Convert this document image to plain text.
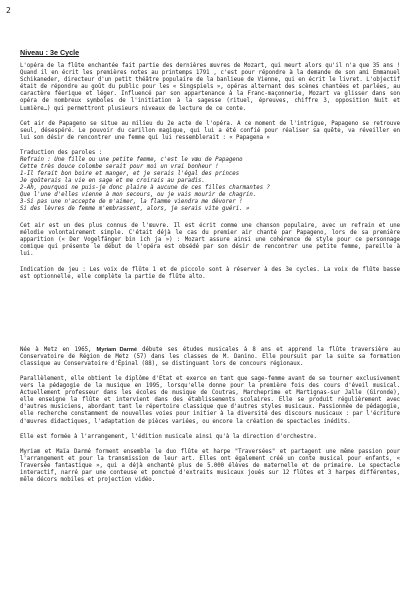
2
Niveau : 3e Cycle

L'opéra de la flûte enchantée fait partie des dernières œuvres de Mozart, qui meurt alors qu'il n'a que 35 ans ! Quand il en écrit les premières notes au printemps 1791 , c'est pour répondre à la demande de son ami Emmanuel Schikaneder, directeur d'un petit théâtre populaire de la banlieue de Vienne, qui en écrit le livret. L'objectif était de répondre au goût du public pour les « Singspiels », opéras alternant des scènes chantées et parlées, au caractère féerique et léger. Influencé par son appartenance à la Franc-maçonnerie, Mozart va glisser dans son opéra de nombreux symboles de l'initiation à la sagesse (rituel, épreuves, chiffre 3, opposition Nuit et Lumière…) qui permettront plusieurs niveaux de lecture de ce conte.

Cet air de Papageno se situe au milieu du 2e acte de l'opéra. A ce moment de l'intrigue, Papageno se retrouve seul, désespéré. Le pouvoir du carillon magique, qui lui a été confié pour réaliser sa quête, va réveiller en lui son désir de rencontrer une femme qui lui ressemblerait : « Papagena »

Traduction des paroles :
Refrain : Une fille ou une petite femme, c'est le vœu de Papageno
Cette très douce colombe serait pour moi un vrai bonheur !
1-Il ferait bon boire et manger, et je serais l'égal des princes
Je goûterais la vie en sage et me croirais au paradis.
2-Ah, pourquoi ne puis-je donc plaire à aucune de ces filles charmantes ?
Que l'une d'elles vienne à mon secours, ou je vais mourir de chagrin.
3-Si pas une n'accepte de m'aimer, la flamme viendra me dévorer !
Si des lèvres de femme m'embrassent, alors, je serais vite guéri. »

Cet air est un des plus connus de l'œuvre. Il est écrit comme une chanson populaire, avec un refrain et une mélodie volontairement simple. C'était déjà le cas du premier air chanté par Papageno, lors de sa première apparition (« Der Vogelfänger bin ich ja ») : Mozart assure ainsi une cohérence de style pour ce personnage comique qui présente le début de l'opéra est obsédé par son désir de rencontrer une petite femme, pareille à lui.

Indication de jeu : Les voix de flûte 1 et de piccolo sont à réserver à des 3e cycles. La voix de flûte basse est optionnelle, elle complète la partie de flûte alto.

Née à Metz en 1965, Myriam Darmé débute ses études musicales à 8 ans et apprend la flûte traversière au Conservatoire de Région de Metz (57) dans les classes de M. Danino. Elle poursuit par la suite sa formation classique au Conservatoire d'Épinal (88), se distinguant lors de concours régionaux.

Parallèlement, elle obtient le diplôme d'Etat et exerce en tant que sage-femme avant de se tourner exclusivement vers la pédagogie de la musique en 1995, lorsqu'elle donne pour la première fois des cours d'éveil musical. Actuellement professeur dans les écoles de musique de Coutras, Marcheprime et Martignas-sur Jalle (Gironde), elle enseigne la flûte et intervient dans des établissements scolaires. Elle se produit régulièrement avec d'autres musiciens, abordant tant le répertoire classique que d'autres styles musicaux. Passionnée de pédagogie, elle recherche constamment de nouvelles voies pour initier à la diversité des discours musicaux : par l'écriture d'œuvres didactiques, l'adaptation de pièces variées, ou encore la création de spectacles inédits.

Elle est formée à l'arrangement, l'édition musicale ainsi qu'à la direction d'orchestre.

Myriam et Maïa Darmé forment ensemble le duo flûte et harpe "Traversées" et partagent une même passion pour l'arrangement et pour la transmission de leur art. Elles ont également créé un conte musical pour enfants, « Traversée fantastique », qui a déjà enchanté plus de 5.000 élèves de maternelle et de primaire. Le spectacle interactif, narré par une conteuse et ponctué d'extraits musicaux joués sur 12 flûtes et 3 harpes différentes, mêle décors mobiles et projection vidéo.
